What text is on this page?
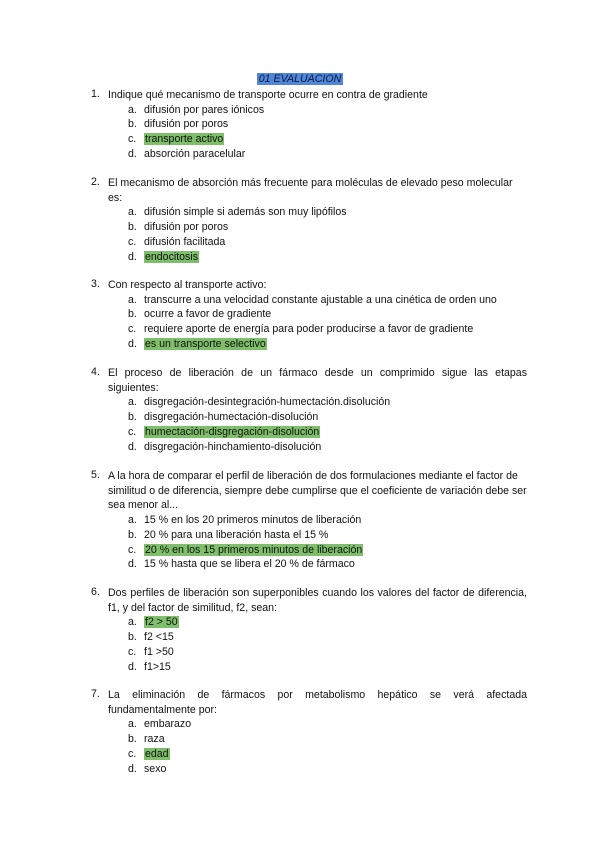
01 EVALUACION
1. Indique qué mecanismo de transporte ocurre en contra de gradiente
a. difusión por pares iónicos
b. difusión por poros
c. transporte activo
d. absorción paracelular
2. El mecanismo de absorción más frecuente para moléculas de elevado peso molecular es:
a. difusión simple si además son muy lipófilos
b. difusión por poros
c. difusión facilitada
d. endocitosis
3. Con respecto al transporte activo:
a. transcurre a una velocidad constante ajustable a una cinética de orden uno
b. ocurre a favor de gradiente
c. requiere aporte de energía para poder producirse a favor de gradiente
d. es un transporte selectivo
4. El proceso de liberación de un fármaco desde un comprimido sigue las etapas siguientes:
a. disgregación-desintegración-humectación.disolución
b. disgregación-humectación-disolución
c. humectación-disgregación-disolución
d. disgregación-hinchamiento-disolución
5. A la hora de comparar el perfil de liberación de dos formulaciones mediante el factor de similitud o de diferencia, siempre debe cumplirse que el coeficiente de variación debe ser sea menor al...
a. 15 % en los 20 primeros minutos de liberación
b. 20 % para una liberación hasta el 15 %
c. 20 % en los 15 primeros minutos de liberación
d. 15 % hasta que se libera el 20 % de fármaco
6. Dos perfiles de liberación son superponibles cuando los valores del factor de diferencia, f1, y del factor de similitud, f2, sean:
a. f2 > 50
b. f2 <15
c. f1 >50
d. f1>15
7. La eliminación de fármacos por metabolismo hepático se verá afectada fundamentalmente por:
a. embarazo
b. raza
c. edad
d. sexo
